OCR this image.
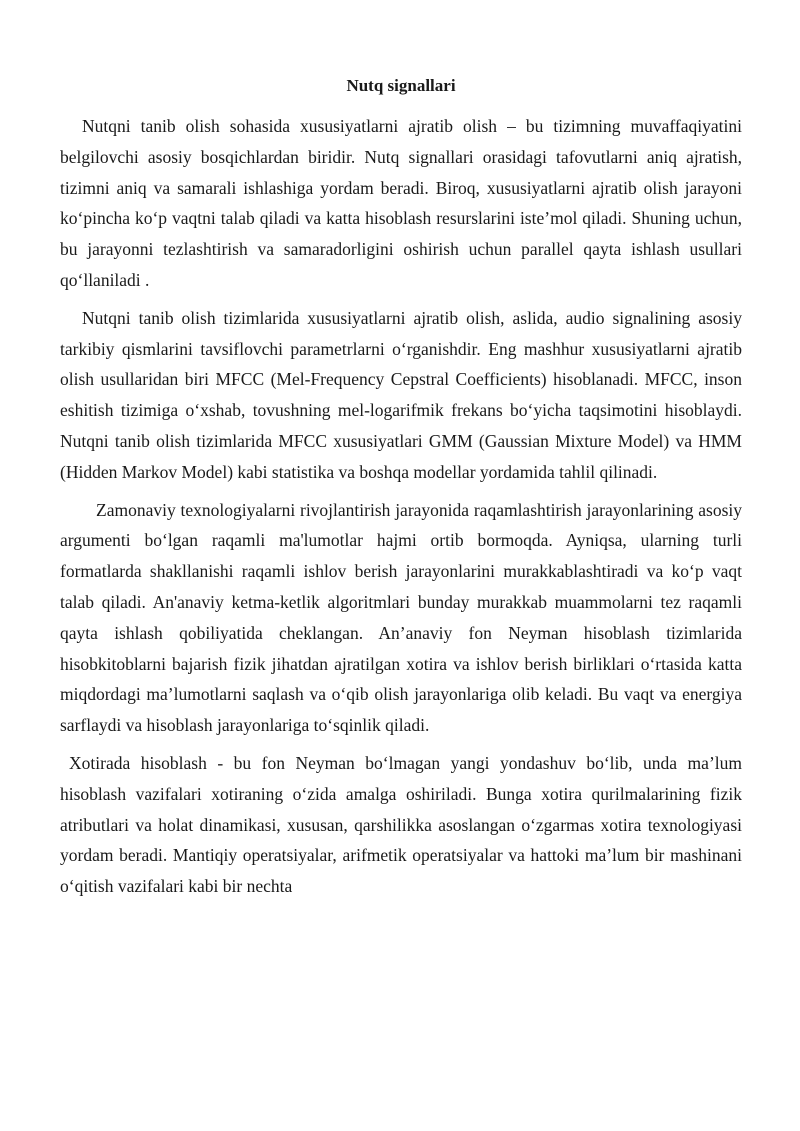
Nutq signallari

Nutqni tanib olish sohasida xususiyatlarni ajratib olish – bu tizimning muvaffaqiyatini belgilovchi asosiy bosqichlardan biridir. Nutq signallari orasidagi tafovutlarni aniq ajratish, tizimni aniq va samarali ishlashiga yordam beradi. Biroq, xususiyatlarni ajratib olish jarayoni ko‘pincha ko‘p vaqtni talab qiladi va katta hisoblash resurslarini iste’mol qiladi. Shuning uchun, bu jarayonni tezlashtirish va samaradorligini oshirish uchun parallel qayta ishlash usullari qo‘llaniladi .

Nutqni tanib olish tizimlarida xususiyatlarni ajratib olish, aslida, audio signalining asosiy tarkibiy qismlarini tavsiflovchi parametrlarni o‘rganishdir. Eng mashhur xususiyatlarni ajratib olish usullaridan biri MFCC (Mel-Frequency Cepstral Coefficients) hisoblanadi. MFCC, inson eshitish tizimiga o‘xshab, tovushning mel-logarifmik frekans bo‘yicha taqsimotini hisoblaydi. Nutqni tanib olish tizimlarida MFCC xususiyatlari GMM (Gaussian Mixture Model) va HMM (Hidden Markov Model) kabi statistika va boshqa modellar yordamida tahlil qilinadi.

Zamonaviy texnologiyalarni rivojlantirish jarayonida raqamlashtirish jarayonlarining asosiy argumenti bo‘lgan raqamli ma'lumotlar hajmi ortib bormoqda. Ayniqsa, ularning turli formatlarda shakllanishi raqamli ishlov berish jarayonlarini murakkablashtiradi va ko‘p vaqt talab qiladi. An'anaviy ketma-ketlik algoritmlari bunday murakkab muammolarni tez raqamli qayta ishlash qobiliyatida cheklangan. An’anaviy fon Neyman hisoblash tizimlarida hisobkitoblarni bajarish fizik jihatdan ajratilgan xotira va ishlov berish birliklari o‘rtasida katta miqdordagi ma’lumotlarni saqlash va o‘qib olish jarayonlariga olib keladi. Bu vaqt va energiya sarflaydi va hisoblash jarayonlariga to‘sqinlik qiladi.

Xotirada hisoblash - bu fon Neyman bo‘lmagan yangi yondashuv bo‘lib, unda ma’lum hisoblash vazifalari xotiraning o‘zida amalga oshiriladi. Bunga xotira qurilmalarining fizik atributlari va holat dinamikasi, xususan, qarshilikka asoslangan o‘zgarmas xotira texnologiyasi yordam beradi. Mantiqiy operatsiyalar, arifmetik operatsiyalar va hattoki ma’lum bir mashinani o‘qitish vazifalari kabi bir nechta
